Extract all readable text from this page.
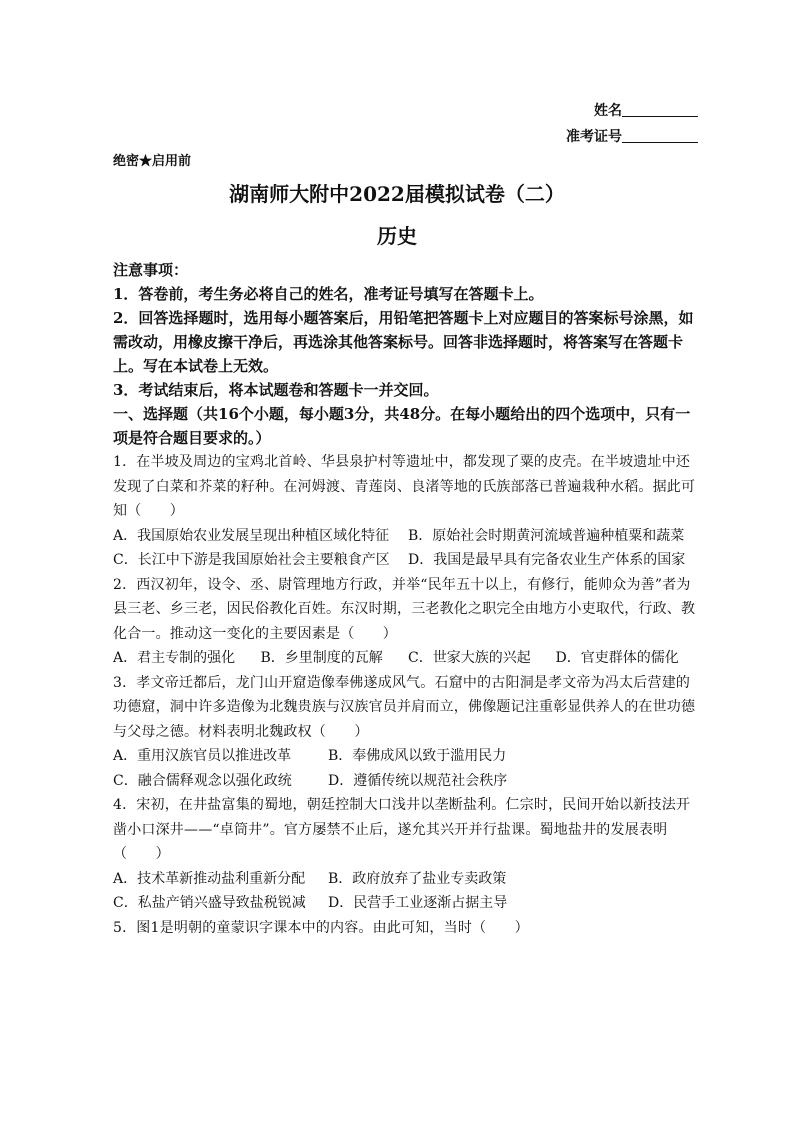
姓名
准考证号
绝密★启用前
湖南师大附中2022届模拟试卷（二）
历史

注意事项：

1．答卷前，考生务必将自己的姓名，准考证号填写在答题卡上。

2．回答选择题时，选用每小题答案后，用铅笔把答题卡上对应题目的答案标号涂黑，如需改动，用橡皮擦干净后，再选涂其他答案标号。回答非选择题时，将答案写在答题卡上。写在本试卷上无效。

3．考试结束后，将本试题卷和答题卡一并交回。

一、选择题（共16个小题，每小题3分，共48分。在每小题给出的四个选项中，只有一项是符合题目要求的。）

1．在半坡及周边的宝鸡北首岭、华县泉护村等遗址中，都发现了粟的皮壳。在半坡遗址中还发现了白菜和芥菜的籽种。在河姆渡、青莲岗、良渚等地的氏族部落已普遍栽种水稻。据此可知（　　）

A．我国原始农业发展呈现出种植区域化特征	B．原始社会时期黄河流域普遍种植粟和蔬菜
C．长江中下游是我国原始社会主要粮食产区	D．我国是最早具有完备农业生产体系的国家

2．西汉初年，设令、丞、尉管理地方行政，并举“民年五十以上，有修行，能帅众为善”者为县三老、乡三老，因民俗教化百姓。东汉时期，三老教化之职完全由地方小吏取代，行政、教化合一。推动这一变化的主要因素是（　　）

A．君主专制的强化	B．乡里制度的瓦解	C．世家大族的兴起	D．官吏群体的儒化

3．孝文帝迁都后，龙门山开窟造像奉佛遂成风气。石窟中的古阳洞是孝文帝为冯太后营建的功德窟，洞中许多造像为北魏贵族与汉族官员并肩而立，佛像题记注重彰显供养人的在世功德与父母之德。材料表明北魏政权（　　）

A．重用汉族官员以推进改革	B．奉佛成风以致于滥用民力
C．融合儒释观念以强化政统	D．遵循传统以规范社会秩序

4．宋初，在井盐富集的蜀地，朝廷控制大口浅井以垄断盐利。仁宗时，民间开始以新技法开凿小口深井——“卓筒井”。官方屡禁不止后，遂允其兴开并行盐课。蜀地盐井的发展表明（　　）

A．技术革新推动盐利重新分配	B．政府放弃了盐业专卖政策
C．私盐产销兴盛导致盐税锐减	D．民营手工业逐渐占据主导

5．图1是明朝的童蒙识字课本中的内容。由此可知，当时（　　）
